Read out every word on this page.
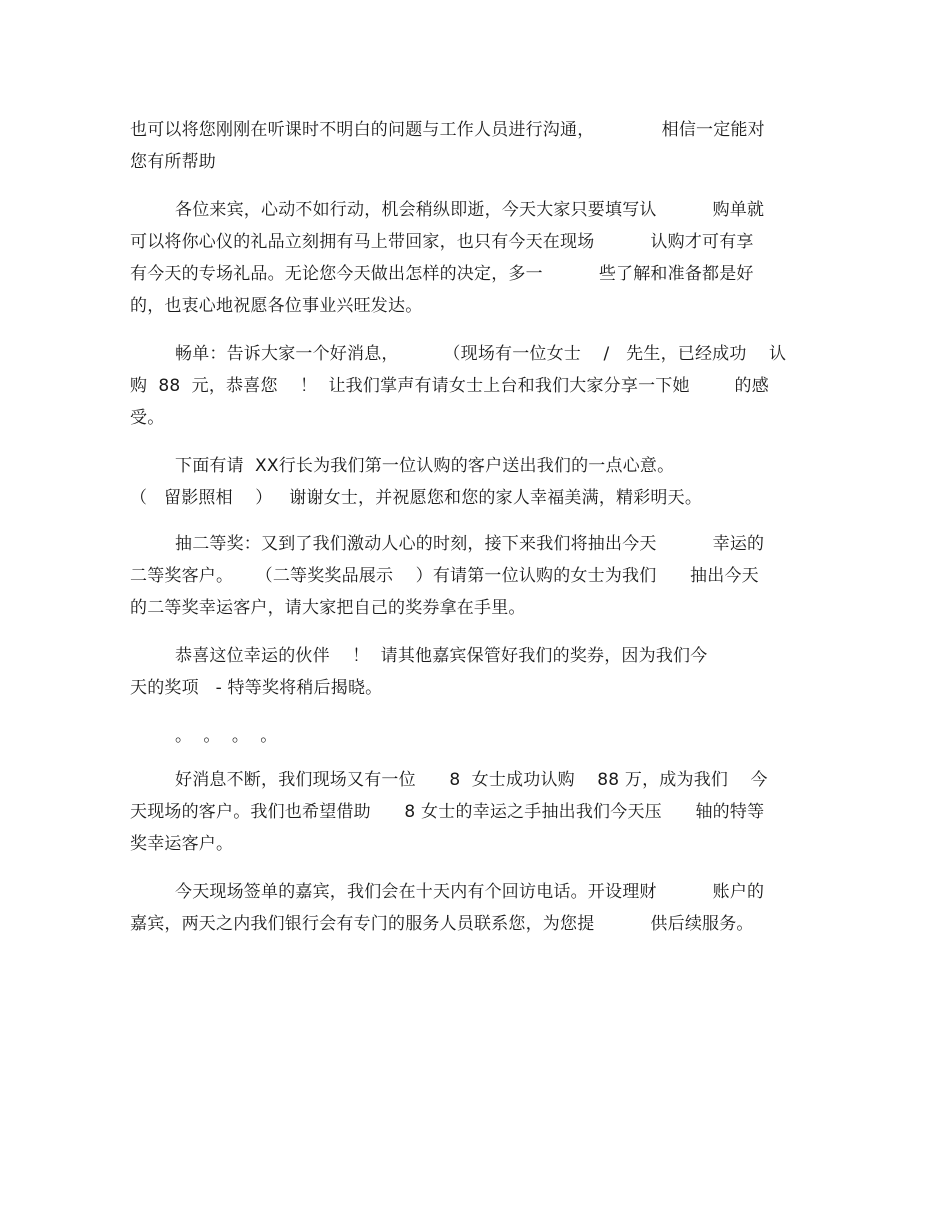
也可以将您刚刚在听课时不明白的问题与工作人员进行沟通，            相信一定能对
您有所帮助
各位来宾，心动不如行动，机会稍纵即逝，今天大家只要填写认          购单就
可以将你心仪的礼品立刻拥有马上带回家，也只有今天在现场          认购才可有享
有今天的专场礼品。无论您今天做出怎样的决定，多一          些了解和准备都是好
的，也衷心地祝愿各位事业兴旺发达。
畅单：告诉大家一个好消息，        （现场有一位女士    /   先生，已经成功    认
购  88  元，恭喜您    ！  让我们掌声有请女士上台和我们大家分享一下她        的感
受。
下面有请  XX行长为我们第一位认购的客户送出我们的一点心意。
（   留影照相    ）   谢谢女士，并祝愿您和您的家人幸福美满，精彩明天。
抽二等奖：又到了我们激动人心的时刻，接下来我们将抽出今天          幸运的
二等奖客户。    （二等奖奖品展示    ）有请第一位认购的女士为我们      抽出今天
的二等奖幸运客户，请大家把自己的奖券拿在手里。
恭喜这位幸运的伙伴    ！  请其他嘉宾保管好我们的奖券，因为我们今
天的奖项   - 特等奖将稍后揭晓。
。  。  。  。
好消息不断，我们现场又有一位      8  女士成功认购    88 万，成为我们    今
天现场的客户。我们也希望借助      8 女士的幸运之手抽出我们今天压      轴的特等
奖幸运客户。
今天现场签单的嘉宾，我们会在十天内有个回访电话。开设理财          账户的
嘉宾，两天之内我们银行会有专门的服务人员联系您，为您提          供后续服务。
